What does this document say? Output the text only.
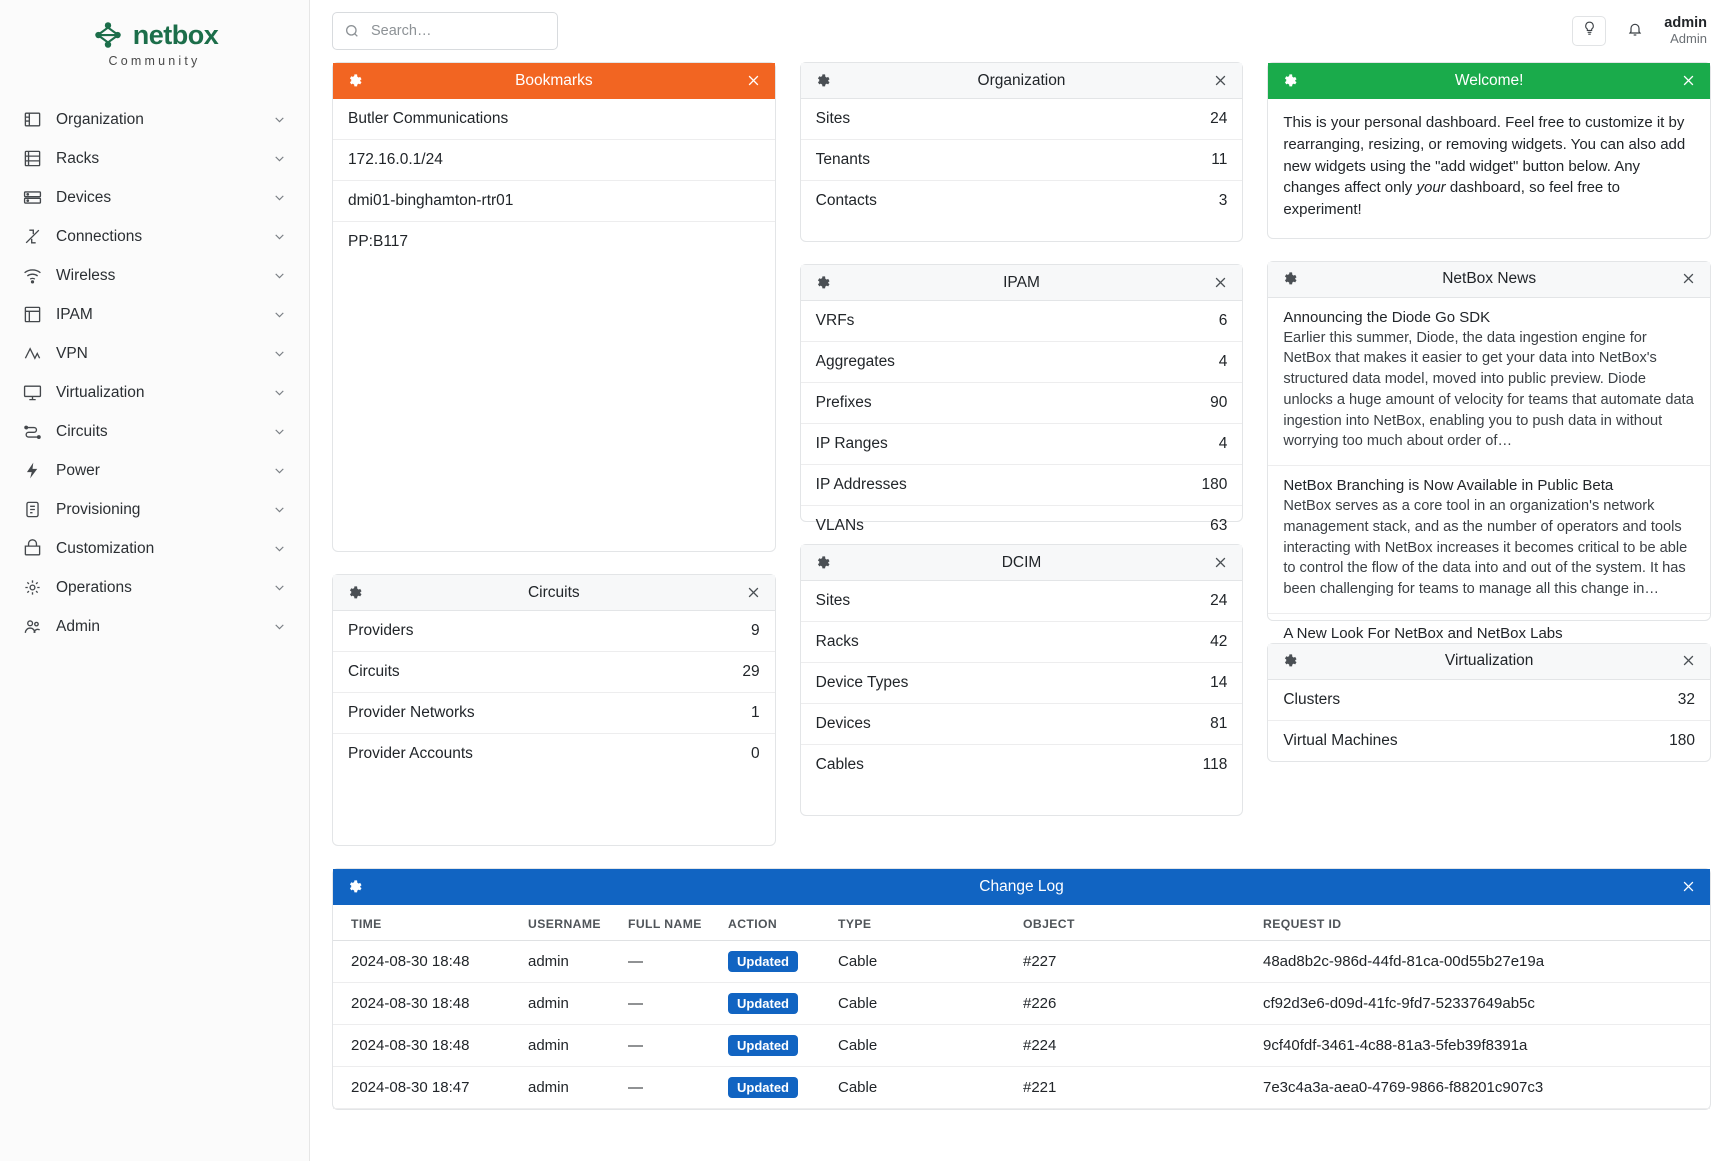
netbox
Community
Organization
Racks
Devices
Connections
Wireless
IPAM
VPN
Virtualization
Circuits
Power
Provisioning
Customization
Operations
Admin
Search…
admin
Admin
Bookmarks
Butler Communications
172.16.0.1/24
dmi01-binghamton-rtr01
PP:B117
Circuits
Providers	9
Circuits	29
Provider Networks	1
Provider Accounts	0
Organization
Sites	24
Tenants	11
Contacts	3
IPAM
VRFs	6
Aggregates	4
Prefixes	90
IP Ranges	4
IP Addresses	180
VLANs	63
DCIM
Sites	24
Racks	42
Device Types	14
Devices	81
Cables	118
Welcome!
This is your personal dashboard. Feel free to customize it by rearranging, resizing, or removing widgets. You can also add new widgets using the "add widget" button below. Any changes affect only your dashboard, so feel free to experiment!
NetBox News
Announcing the Diode Go SDK
Earlier this summer, Diode, the data ingestion engine for NetBox that makes it easier to get your data into NetBox's structured data model, moved into public preview. Diode unlocks a huge amount of velocity for teams that automate data ingestion into NetBox, enabling you to push data in without worrying too much about order of…
NetBox Branching is Now Available in Public Beta
NetBox serves as a core tool in an organization's network management stack, and as the number of operators and tools interacting with NetBox increases it becomes critical to be able to control the flow of the data into and out of the system. It has been challenging for teams to manage all this change in…
A New Look For NetBox and NetBox Labs
Virtualization
Clusters	32
Virtual Machines	180
Change Log
TIME	USERNAME	FULL NAME	ACTION	TYPE	OBJECT	REQUEST ID
2024-08-30 18:48	admin	—	Updated	Cable	#227	48ad8b2c-986d-44fd-81ca-00d55b27e19a
2024-08-30 18:48	admin	—	Updated	Cable	#226	cf92d3e6-d09d-41fc-9fd7-52337649ab5c
2024-08-30 18:48	admin	—	Updated	Cable	#224	9cf40fdf-3461-4c88-81a3-5feb39f8391a
2024-08-30 18:47	admin	—	Updated	Cable	#221	7e3c4a3a-aea0-4769-9866-f88201c907c3
